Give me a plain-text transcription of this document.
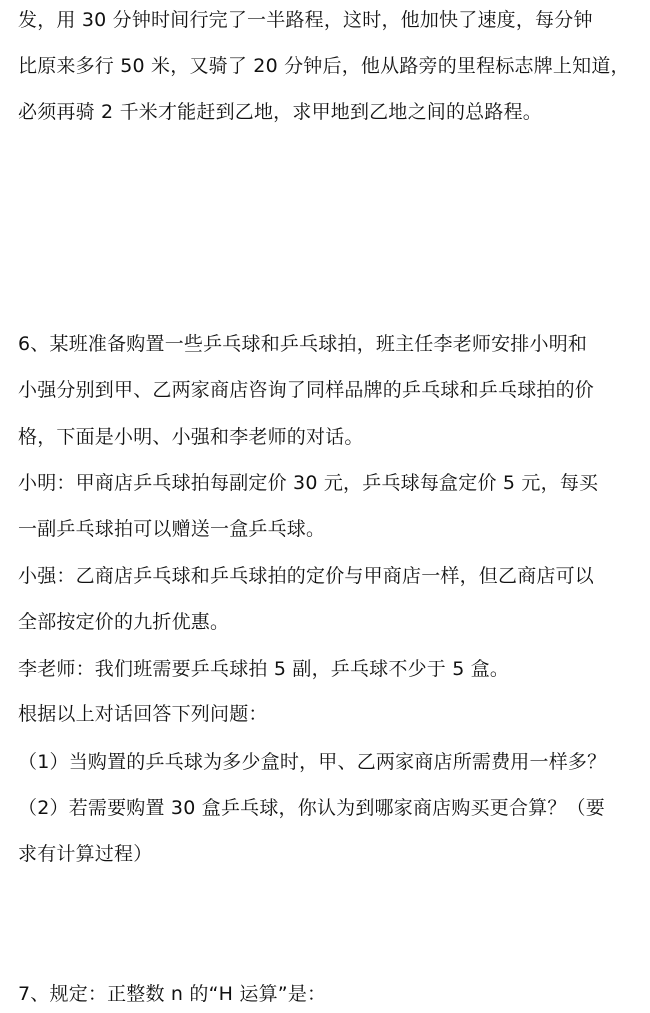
发，用 30 分钟时间行完了一半路程，这时，他加快了速度，每分钟
比原来多行 50 米，又骑了 20 分钟后，他从路旁的里程标志牌上知道，
必须再骑 2 千米才能赶到乙地，求甲地到乙地之间的总路程。
6、某班准备购置一些乒乓球和乒乓球拍，班主任李老师安排小明和
小强分别到甲、乙两家商店咨询了同样品牌的乒乓球和乒乓球拍的价
格，下面是小明、小强和李老师的对话。
小明：甲商店乒乓球拍每副定价 30 元，乒乓球每盒定价 5 元，每买
一副乒乓球拍可以赠送一盒乒乓球。
小强：乙商店乒乓球和乒乓球拍的定价与甲商店一样，但乙商店可以
全部按定价的九折优惠。
李老师：我们班需要乒乓球拍 5 副，乒乓球不少于 5 盒。
根据以上对话回答下列问题：
（1）当购置的乒乓球为多少盒时，甲、乙两家商店所需费用一样多？
（2）若需要购置 30 盒乒乓球，你认为到哪家商店购买更合算？（要
求有计算过程）
7、规定：正整数 n 的“H 运算”是：
